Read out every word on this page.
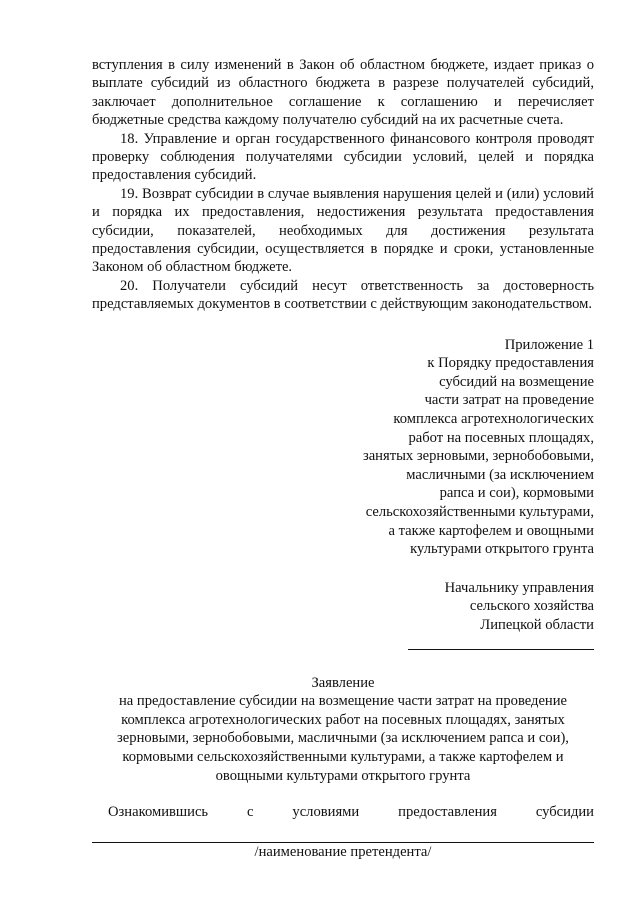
вступления в силу изменений в Закон об областном бюджете, издает приказ о выплате субсидий из областного бюджета в разрезе получателей субсидий, заключает дополнительное соглашение к соглашению и перечисляет бюджетные средства каждому получателю субсидий на их расчетные счета.

18. Управление и орган государственного финансового контроля проводят проверку соблюдения получателями субсидии условий, целей и порядка предоставления субсидий.

19. Возврат субсидии в случае выявления нарушения целей и (или) условий и порядка их предоставления, недостижения результата предоставления субсидии, показателей, необходимых для достижения результата предоставления субсидии, осуществляется в порядке и сроки, установленные Законом об областном бюджете.

20. Получатели субсидий несут ответственность за достоверность представляемых документов в соответствии с действующим законодательством.

Приложение 1
к Порядку предоставления
субсидий на возмещение
части затрат на проведение
комплекса агротехнологических
работ на посевных площадях,
занятых зерновыми, зернобобовыми,
масличными (за исключением
рапса и сои), кормовыми
сельскохозяйственными культурами,
а также картофелем и овощными
культурами открытого грунта
Начальнику управления
сельского хозяйства
Липецкой области
Заявление
на предоставление субсидии на возмещение части затрат на проведение комплекса агротехнологических работ на посевных площадях, занятых зерновыми, зернобобовыми, масличными (за исключением рапса и сои), кормовыми сельскохозяйственными культурами, а также картофелем и овощными культурами открытого грунта

Ознакомившись с условиями предоставления субсидии

/наименование претендента/
